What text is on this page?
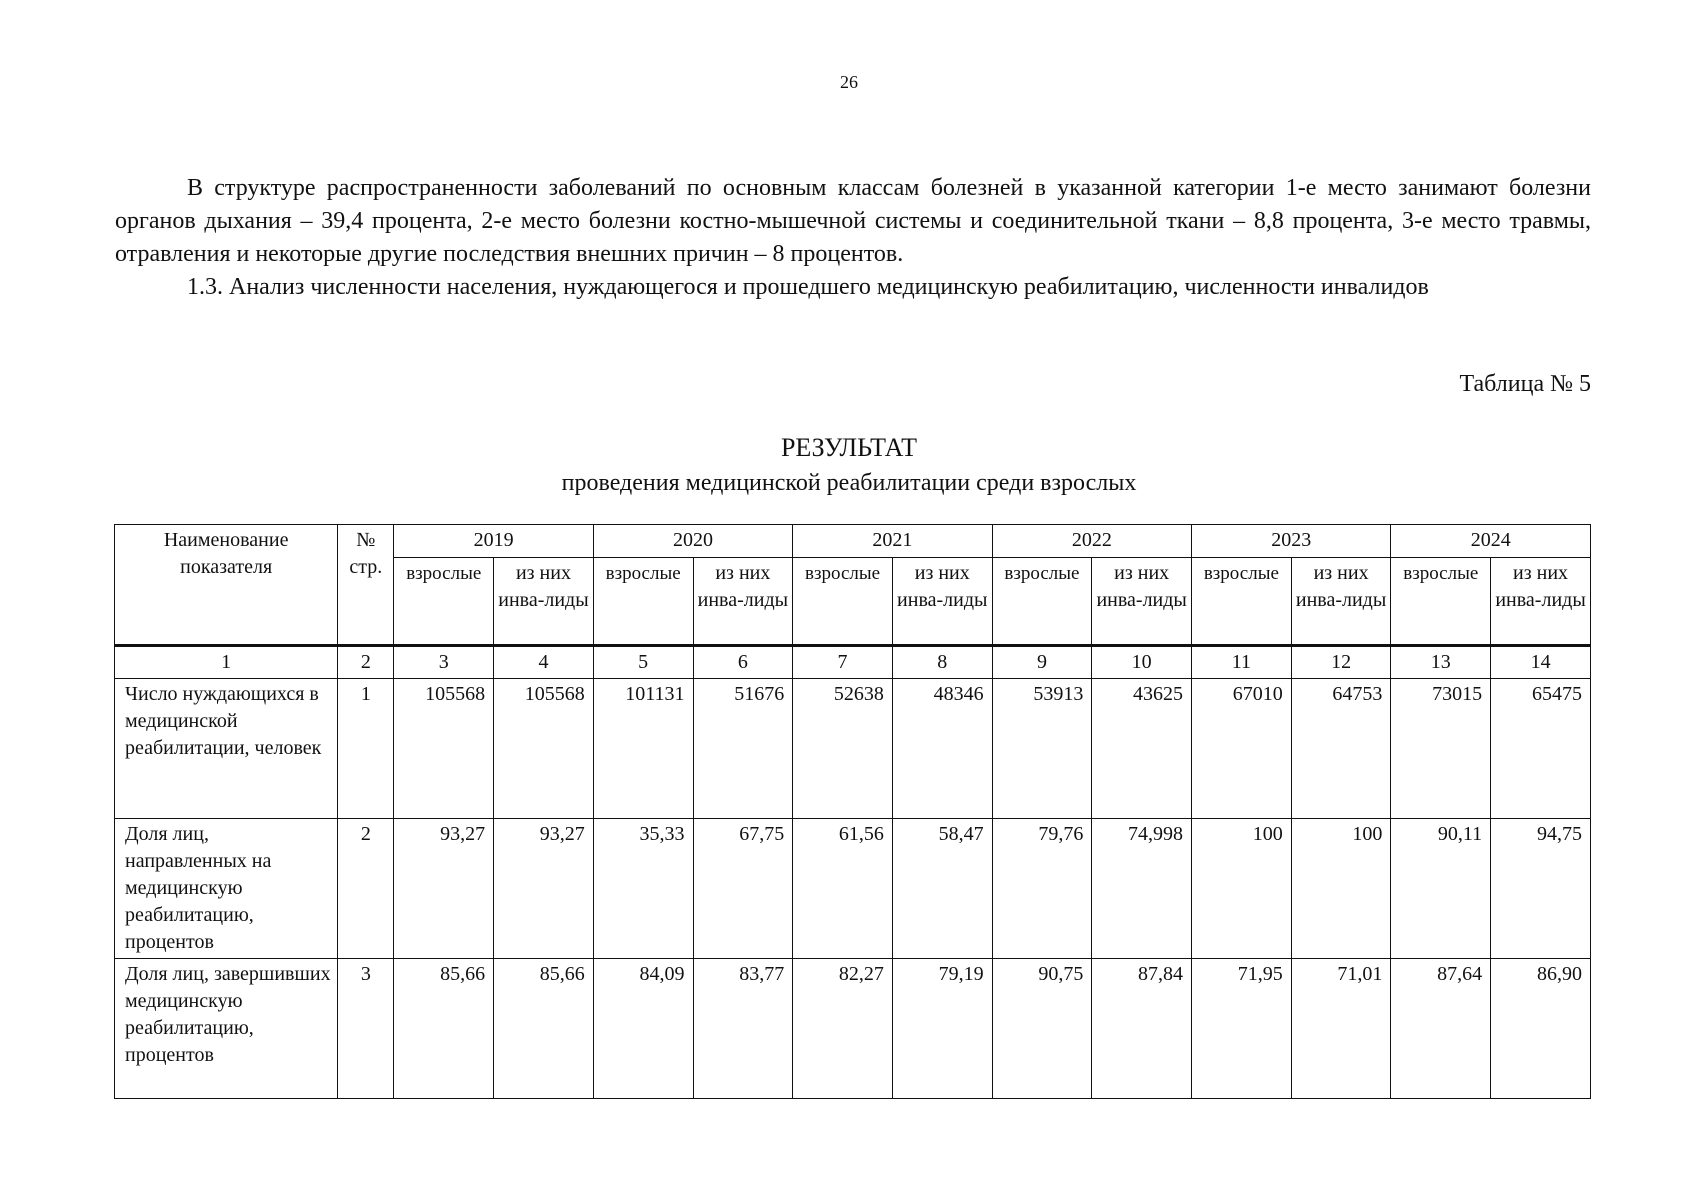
26

В структуре распространенности заболеваний по основным классам болезней в указанной категории 1-е место занимают болезни органов дыхания – 39,4 процента, 2-е место болезни костно-мышечной системы и соединительной ткани – 8,8 процента, 3-е место травмы, отравления и некоторые другие последствия внешних причин – 8 процентов.

1.3. Анализ численности населения, нуждающегося и прошедшего медицинскую реабилитацию, численности инвалидов

Таблица № 5
РЕЗУЛЬТАТ
проведения медицинской реабилитации среди взрослых
Наименование показателя	№ стр.	2019		2020		2021		2022		2023		2024	
		взрослые	из них инва-лиды	взрослые	из них инва-лиды	взрослые	из них инва-лиды	взрослые	из них инва-лиды	взрослые	из них инва-лиды	взрослые	из них инва-лиды
1	2	3	4	5	6	7	8	9	10	11	12	13	14
Число нуждающихся в медицинской реабилитации, человек	1	105568	105568	101131	51676	52638	48346	53913	43625	67010	64753	73015	65475
Доля лиц, направленных на медицинскую реабилитацию, процентов	2	93,27	93,27	35,33	67,75	61,56	58,47	79,76	74,998	100	100	90,11	94,75
Доля лиц, завершивших медицинскую реабилитацию, процентов	3	85,66	85,66	84,09	83,77	82,27	79,19	90,75	87,84	71,95	71,01	87,64	86,90
